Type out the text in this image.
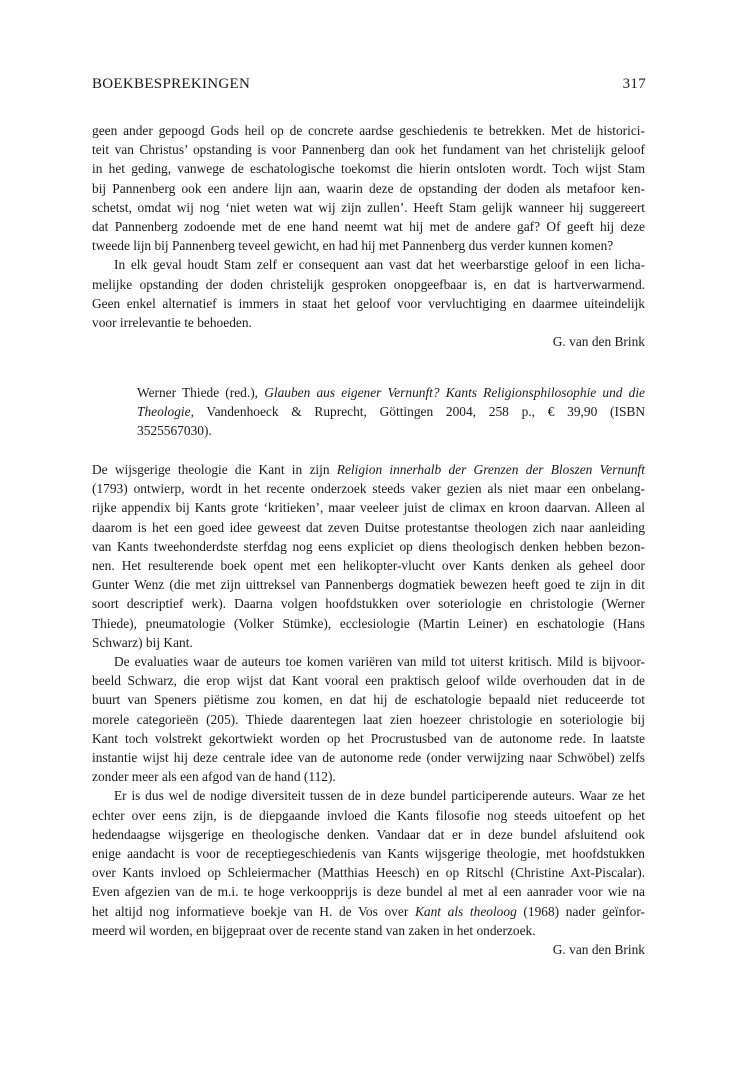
BOEKBESPREKINGEN	317
geen ander gepoogd Gods heil op de concrete aardse geschiedenis te betrekken. Met de historici-
teit van Christus’ opstanding is voor Pannenberg dan ook het fundament van het christelijk geloof
in het geding, vanwege de eschatologische toekomst die hierin ontsloten wordt. Toch wijst Stam
bij Pannenberg ook een andere lijn aan, waarin deze de opstanding der doden als metafoor ken-
schetst, omdat wij nog ‘niet weten wat wij zijn zullen’. Heeft Stam gelijk wanneer hij suggereert
dat Pannenberg zodoende met de ene hand neemt wat hij met de andere gaf? Of geeft hij deze
tweede lijn bij Pannenberg teveel gewicht, en had hij met Pannenberg dus verder kunnen komen?
In elk geval houdt Stam zelf er consequent aan vast dat het weerbarstige geloof in een licha-
melijke opstanding der doden christelijk gesproken onopgeefbaar is, en dat is hartverwarmend.
Geen enkel alternatief is immers in staat het geloof voor vervluchtiging en daarmee uiteindelijk
voor irrelevantie te behoeden.
G. van den Brink
Werner Thiede (red.), Glauben aus eigener Vernunft? Kants Religionsphilosophie und die
Theologie, Vandenhoeck & Ruprecht, Göttingen 2004, 258 p., € 39,90 (ISBN
3525567030).
De wijsgerige theologie die Kant in zijn Religion innerhalb der Grenzen der Bloszen Vernunft
(1793) ontwierp, wordt in het recente onderzoek steeds vaker gezien als niet maar een onbelang-
rijke appendix bij Kants grote ‘kritieken’, maar veeleer juist de climax en kroon daarvan. Alleen al
daarom is het een goed idee geweest dat zeven Duitse protestantse theologen zich naar aanleiding
van Kants tweehonderdste sterfdag nog eens expliciet op diens theologisch denken hebben bezon-
nen. Het resulterende boek opent met een helikopter-vlucht over Kants denken als geheel door
Gunter Wenz (die met zijn uittreksel van Pannenbergs dogmatiek bewezen heeft goed te zijn in dit
soort descriptief werk). Daarna volgen hoofdstukken over soteriologie en christologie (Werner
Thiede), pneumatologie (Volker Stümke), ecclesiologie (Martin Leiner) en eschatologie (Hans
Schwarz) bij Kant.
De evaluaties waar de auteurs toe komen variëren van mild tot uiterst kritisch. Mild is bijvoor-
beeld Schwarz, die erop wijst dat Kant vooral een praktisch geloof wilde overhouden dat in de
buurt van Speners piëtisme zou komen, en dat hij de eschatologie bepaald niet reduceerde tot
morele categorieën (205). Thiede daarentegen laat zien hoezeer christologie en soteriologie bij
Kant toch volstrekt gekortwiekt worden op het Procrustusbed van de autonome rede. In laatste
instantie wijst hij deze centrale idee van de autonome rede (onder verwijzing naar Schwöbel) zelfs
zonder meer als een afgod van de hand (112).
Er is dus wel de nodige diversiteit tussen de in deze bundel participerende auteurs. Waar ze het
echter over eens zijn, is de diepgaande invloed die Kants filosofie nog steeds uitoefent op het
hedendaagse wijsgerige en theologische denken. Vandaar dat er in deze bundel afsluitend ook
enige aandacht is voor de receptiegeschiedenis van Kants wijsgerige theologie, met hoofdstukken
over Kants invloed op Schleiermacher (Matthias Heesch) en op Ritschl (Christine Axt-Piscalar).
Even afgezien van de m.i. te hoge verkoopprijs is deze bundel al met al een aanrader voor wie na
het altijd nog informatieve boekje van H. de Vos over Kant als theoloog (1968) nader geïnfor-
meerd wil worden, en bijgepraat over de recente stand van zaken in het onderzoek.
G. van den Brink
